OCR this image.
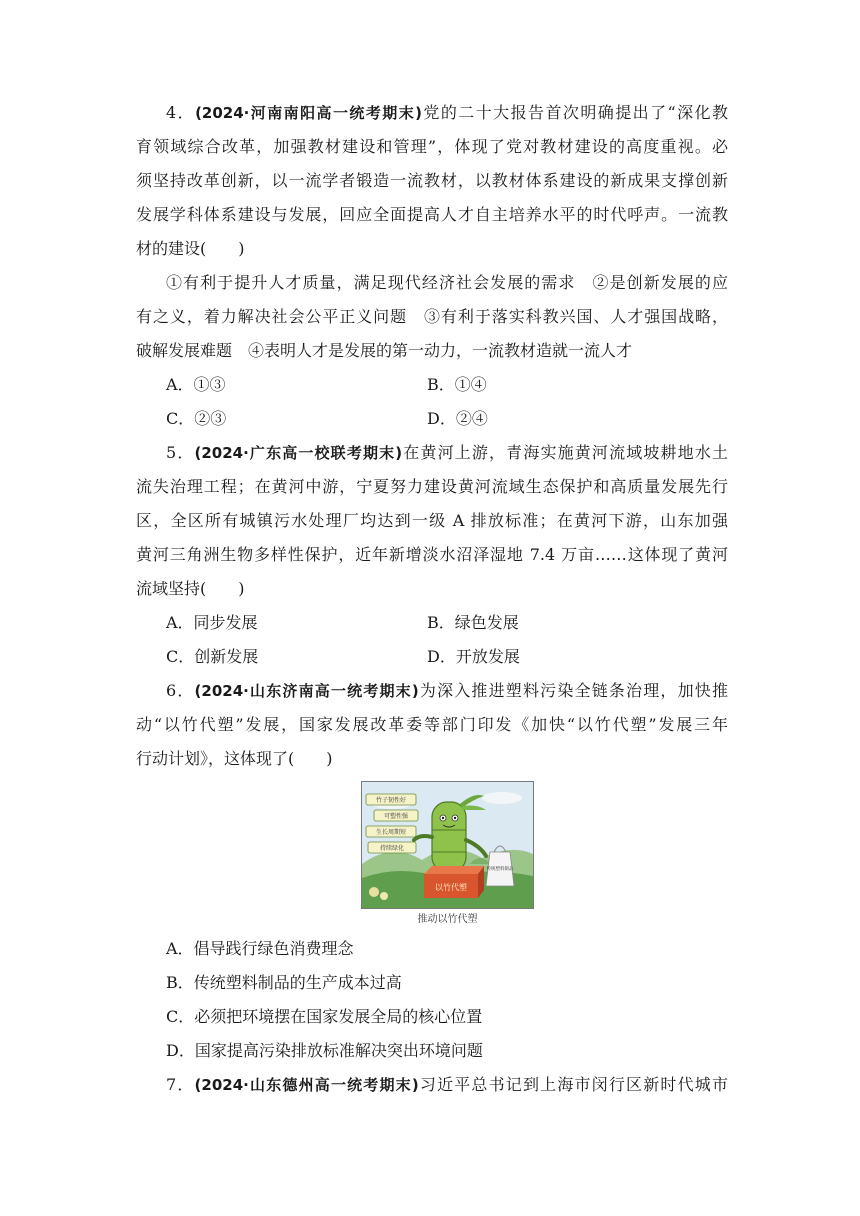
4．(2024·河南南阳高一统考期末)党的二十大报告首次明确提出了“深化教
育领域综合改革，加强教材建设和管理”，体现了党对教材建设的高度重视。必
须坚持改革创新，以一流学者锻造一流教材，以教材体系建设的新成果支撑创新
发展学科体系建设与发展，回应全面提高人才自主培养水平的时代呼声。一流教
材的建设(　　)
①有利于提升人才质量，满足现代经济社会发展的需求　②是创新发展的应
有之义，着力解决社会公平正义问题　③有利于落实科教兴国、人才强国战略，
破解发展难题　④表明人才是发展的第一动力，一流教材造就一流人才
A．①③	B．①④
C．②③	D．②④
5．(2024·广东高一校联考期末)在黄河上游，青海实施黄河流域坡耕地水土
流失治理工程；在黄河中游，宁夏努力建设黄河流域生态保护和高质量发展先行
区，全区所有城镇污水处理厂均达到一级 A 排放标准；在黄河下游，山东加强
黄河三角洲生物多样性保护，近年新增淡水沼泽湿地 7.4 万亩……这体现了黄河
流域坚持(　　)
A．同步发展	B．绿色发展
C．创新发展	D．开放发展
6．(2024·山东济南高一统考期末)为深入推进塑料污染全链条治理，加快推
动“以竹代塑”发展，国家发展改革委等部门印发《加快“以竹代塑”发展三年
行动计划》，这体现了(　　)
竹子韧性好
可塑性强
生长周期短
持续绿化
传统塑料制品
以竹代塑
推动以竹代塑
A．倡导践行绿色消费理念
B．传统塑料制品的生产成本过高
C．必须把环境摆在国家发展全局的核心位置
D．国家提高污染排放标准解决突出环境问题
7．(2024·山东德州高一统考期末)习近平总书记到上海市闵行区新时代城市
